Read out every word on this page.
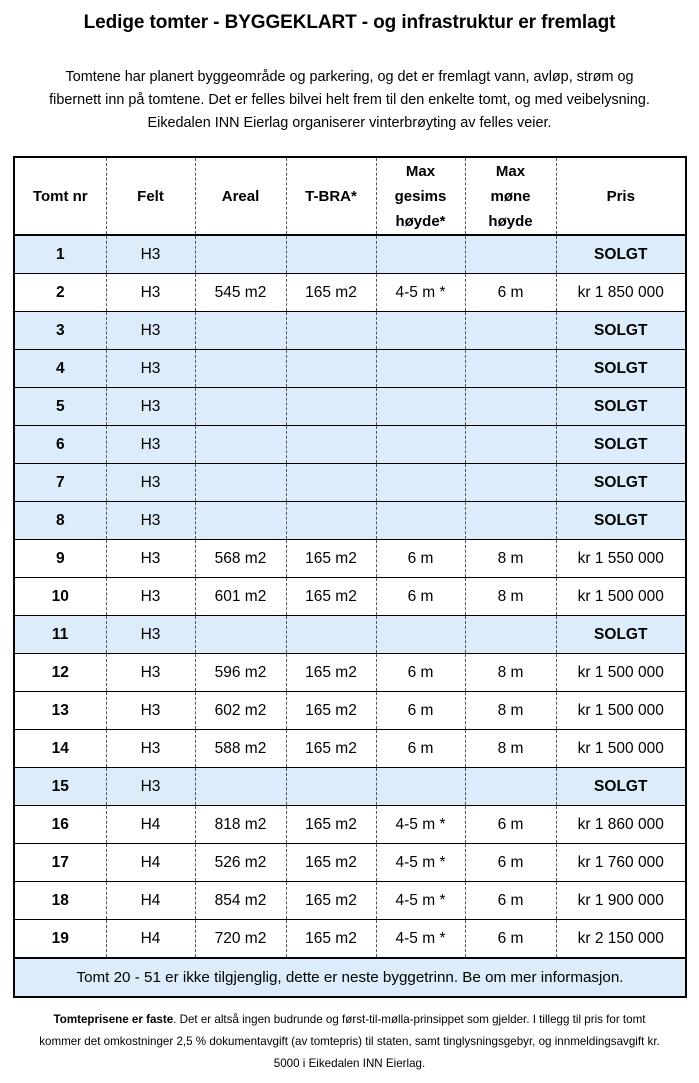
Ledige tomter - BYGGEKLART - og infrastruktur er fremlagt
Tomtene har planert byggeområde og parkering, og det er fremlagt vann, avløp, strøm og
fibernett inn på tomtene. Det er felles bilvei helt frem til den enkelte tomt, og med veibelysning.
Eikedalen INN Eierlag organiserer vinterbrøyting av felles veier.
Tomt nr	Felt	Areal	T-BRA*	Max
gesims
høyde*	Max
møne
høyde	Pris
1	H3					SOLGT
2	H3	545 m2	165 m2	4-5 m *	6 m	kr 1 850 000
3	H3					SOLGT
4	H3					SOLGT
5	H3					SOLGT
6	H3					SOLGT
7	H3					SOLGT
8	H3					SOLGT
9	H3	568 m2	165 m2	6 m	8 m	kr 1 550 000
10	H3	601 m2	165 m2	6 m	8 m	kr 1 500 000
11	H3					SOLGT
12	H3	596 m2	165 m2	6 m	8 m	kr 1 500 000
13	H3	602 m2	165 m2	6 m	8 m	kr 1 500 000
14	H3	588 m2	165 m2	6 m	8 m	kr 1 500 000
15	H3					SOLGT
16	H4	818 m2	165 m2	4-5 m *	6 m	kr 1 860 000
17	H4	526 m2	165 m2	4-5 m *	6 m	kr 1 760 000
18	H4	854 m2	165 m2	4-5 m *	6 m	kr 1 900 000
19	H4	720 m2	165 m2	4-5 m *	6 m	kr 2 150 000
Tomt 20 - 51 er ikke tilgjenglig, dette er neste byggetrinn. Be om mer informasjon.						
Tomteprisene er faste. Det er altså ingen budrunde og først-til-mølla-prinsippet som gjelder. I tillegg til pris for tomt
kommer det omkostninger 2,5 % dokumentavgift (av tomtepris) til staten, samt tinglysningsgebyr, og innmeldingsavgift kr.
5000 i Eikedalen INN Eierlag.
